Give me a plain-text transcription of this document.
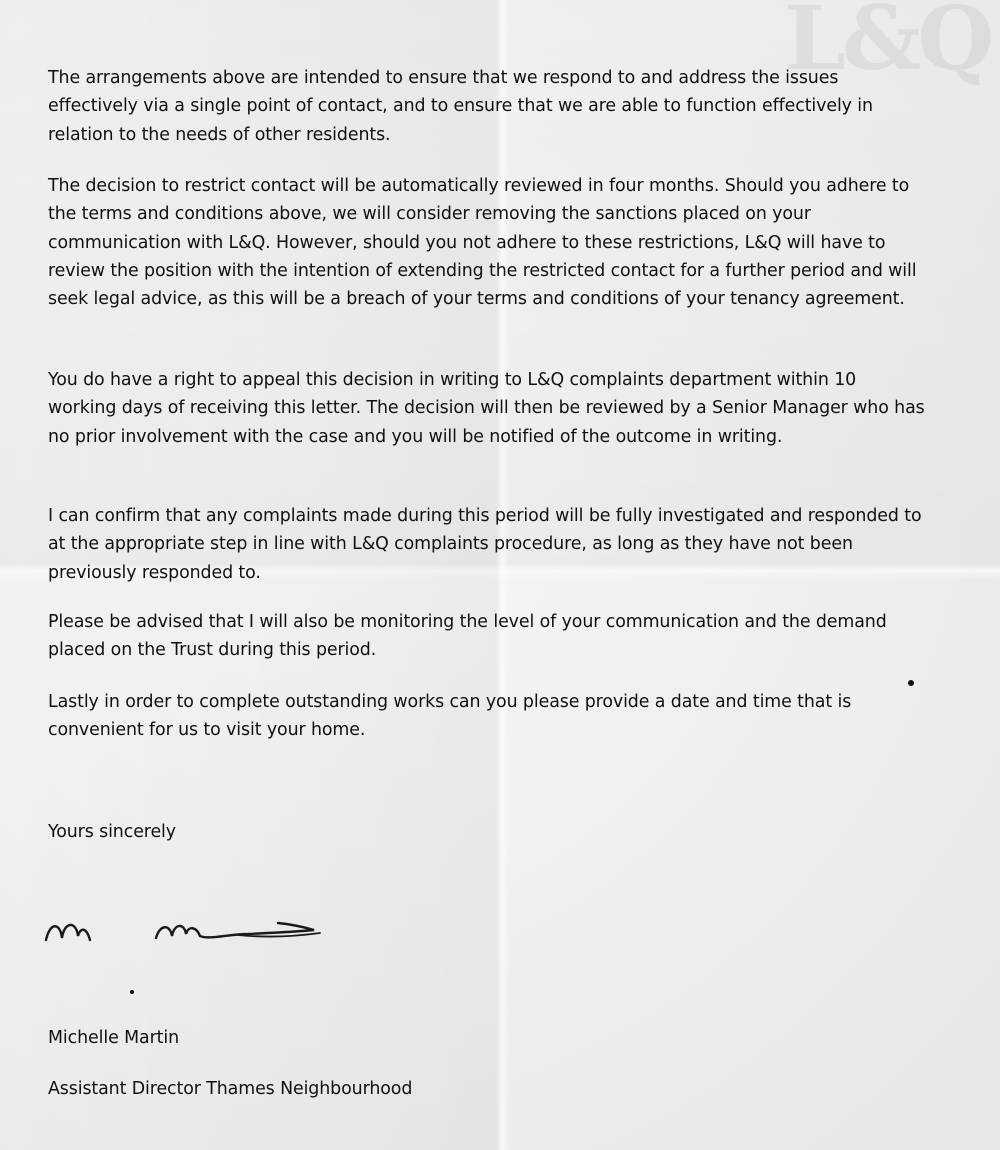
L&Q

The arrangements above are intended to ensure that we respond to and address the issues effectively via a single point of contact, and to ensure that we are able to function effectively in relation to the needs of other residents.

The decision to restrict contact will be automatically reviewed in four months. Should you adhere to the terms and conditions above, we will consider removing the sanctions placed on your communication with L&Q. However, should you not adhere to these restrictions, L&Q will have to review the position with the intention of extending the restricted contact for a further period and will seek legal advice, as this will be a breach of your terms and conditions of your tenancy agreement.

You do have a right to appeal this decision in writing to L&Q complaints department within 10 working days of receiving this letter. The decision will then be reviewed by a Senior Manager who has no prior involvement with the case and you will be notified of the outcome in writing.

I can confirm that any complaints made during this period will be fully investigated and responded to at the appropriate step in line with L&Q complaints procedure, as long as they have not been previously responded to.

Please be advised that I will also be monitoring the level of your communication and the demand placed on the Trust during this period.

Lastly in order to complete outstanding works can you please provide a date and time that is convenient for us to visit your home.

Yours sincerely

Michelle Martin

Assistant Director Thames Neighbourhood
